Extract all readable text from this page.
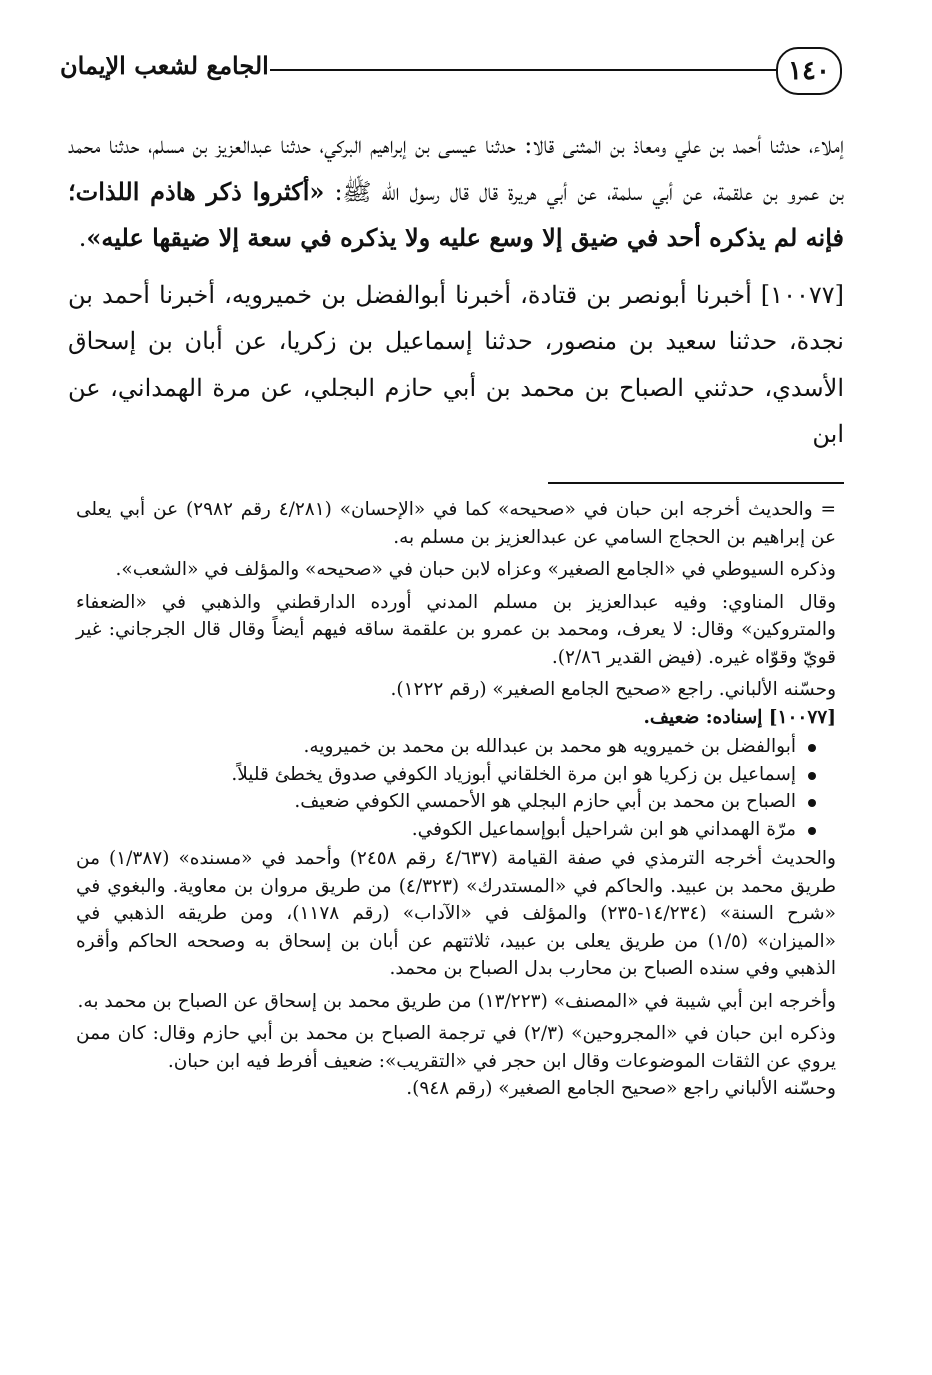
١٤٠
الجامع لشعب الإيمان

إملاء، حدثنا أحمد بن علي ومعاذ بن المثنى قالا: حدثنا عيسى بن إبراهيم البركي، حدثنا عبدالعزيز بن مسلم، حدثنا محمد بن عمرو بن علقمة، عن أبي سلمة، عن أبي هريرة قال قال رسول الله ﷺ: «أكثروا ذكر هاذم اللذات؛ فإنه لم يذكره أحد في ضيق إلا وسع عليه ولا يذكره في سعة إلا ضيقها عليه».

[١٠٠٧٧] أخبرنا أبونصر بن قتادة، أخبرنا أبوالفضل بن خميرويه، أخبرنا أحمد بن نجدة، حدثنا سعيد بن منصور، حدثنا إسماعيل بن زكريا، عن أبان بن إسحاق الأسدي، حدثني الصباح بن محمد بن أبي حازم البجلي، عن مرة الهمداني، عن ابن

= والحديث أخرجه ابن حبان في «صحيحه» كما في «الإحسان» (٤/٢٨١ رقم ٢٩٨٢) عن أبي يعلى عن إبراهيم بن الحجاج السامي عن عبدالعزيز بن مسلم به.

وذكره السيوطي في «الجامع الصغير» وعزاه لابن حبان في «صحيحه» والمؤلف في «الشعب».

وقال المناوي: وفيه عبدالعزيز بن مسلم المدني أورده الدارقطني والذهبي في «الضعفاء والمتروكين» وقال: لا يعرف، ومحمد بن عمرو بن علقمة ساقه فيهم أيضاً وقال قال الجرجاني: غير قويّ وقوّاه غيره. (فيض القدير ٢/٨٦).

وحسّنه الألباني. راجع «صحيح الجامع الصغير» (رقم ١٢٢٢).

[١٠٠٧٧] إسناده: ضعيف.

أبوالفضل بن خميرويه هو محمد بن عبدالله بن محمد بن خميرويه.
إسماعيل بن زكريا هو ابن مرة الخلقاني أبوزياد الكوفي صدوق يخطئ قليلاً.
الصباح بن محمد بن أبي حازم البجلي هو الأحمسي الكوفي ضعيف.
مرّة الهمداني هو ابن شراحيل أبوإسماعيل الكوفي.

والحديث أخرجه الترمذي في صفة القيامة (٤/٦٣٧ رقم ٢٤٥٨) وأحمد في «مسنده» (١/٣٨٧) من طريق محمد بن عبيد. والحاكم في «المستدرك» (٤/٣٢٣) من طريق مروان بن معاوية. والبغوي في «شرح السنة» (١٤/٢٣٤-٢٣٥) والمؤلف في «الآداب» (رقم ١١٧٨)، ومن طريقه الذهبي في «الميزان» (١/٥) من طريق يعلى بن عبيد، ثلاثتهم عن أبان بن إسحاق به وصححه الحاكم وأقره الذهبي وفي سنده الصباح بن محارب بدل الصباح بن محمد.

وأخرجه ابن أبي شيبة في «المصنف» (١٣/٢٢٣) من طريق محمد بن إسحاق عن الصباح بن محمد به.

وذكره ابن حبان في «المجروحين» (٢/٣) في ترجمة الصباح بن محمد بن أبي حازم وقال: كان ممن يروي عن الثقات الموضوعات وقال ابن حجر في «التقريب»: ضعيف أفرط فيه ابن حبان.

وحسّنه الألباني راجع «صحيح الجامع الصغير» (رقم ٩٤٨).
